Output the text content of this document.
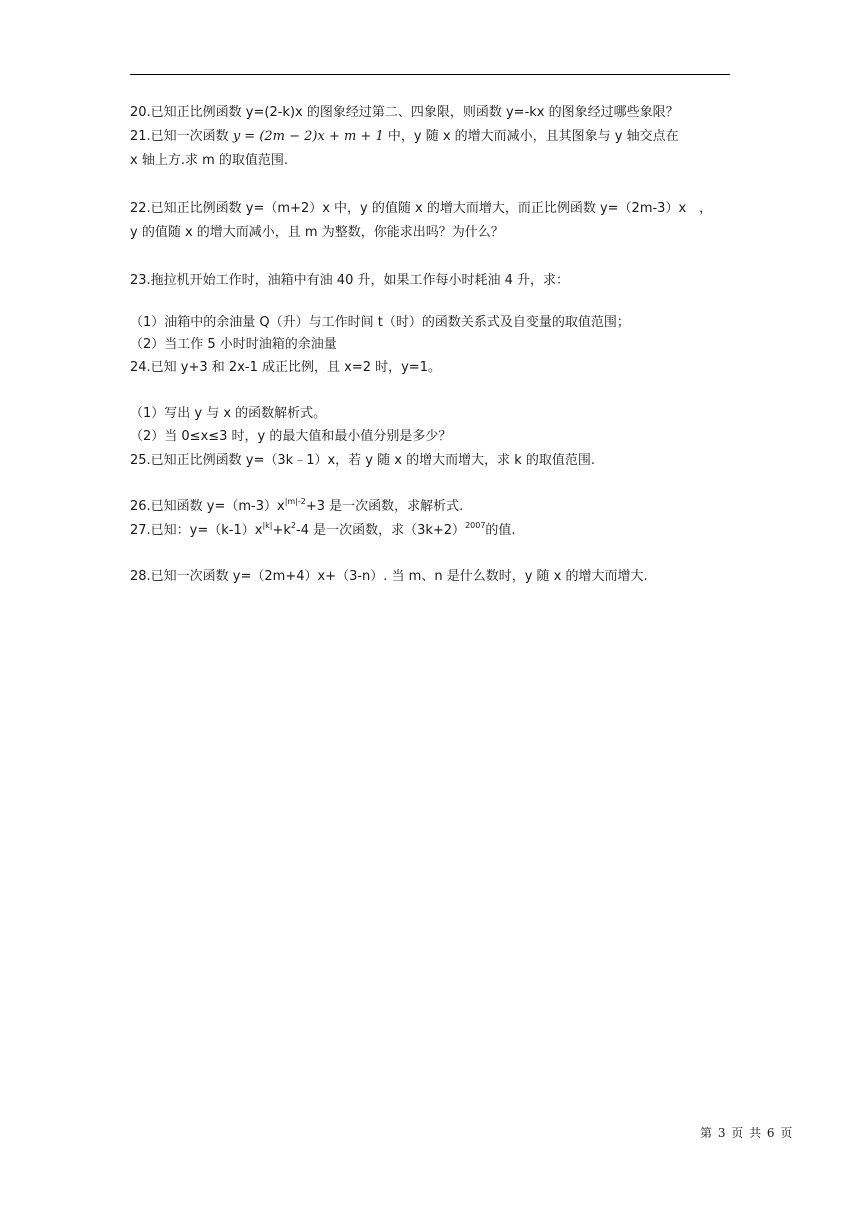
20.已知正比例函数 y=(2-k)x 的图象经过第二、四象限，则函数 y=-kx 的图象经过哪些象限？
21.已知一次函数 y = (2m − 2)x + m + 1 中，y 随 x 的增大而减小，且其图象与 y 轴交点在
x 轴上方.求 m 的取值范围.
22.已知正比例函数 y=（m+2）x 中，y 的值随 x 的增大而增大，而正比例函数 y=（2m-3）x　，
y 的值随 x 的增大而减小，且 m 为整数，你能求出吗？为什么？
23.拖拉机开始工作时，油箱中有油 40 升，如果工作每小时耗油 4 升，求：
（1）油箱中的余油量 Q（升）与工作时间 t（时）的函数关系式及自变量的取值范围；
（2）当工作 5 小时时油箱的余油量
24.已知 y+3 和 2x-1 成正比例，且 x=2 时，y=1。
（1）写出 y 与 x 的函数解析式。
（2）当 0≤x≤3 时，y 的最大值和最小值分别是多少？
25.已知正比例函数 y=（3k﹣1）x，若 y 随 x 的增大而增大，求 k 的取值范围.
26.已知函数 $y=(m-3)x^{|m|-2}+3$ 是一次函数，求解析式.
27.已知：$y=(k-1)x^{|k|}+k^2-4$ 是一次函数，求$(3k+2)^{2007}$的值.
28.已知一次函数 y=（2m+4）x+（3-n）. 当 m、n 是什么数时，y 随 x 的增大而增大.
第 3 页 共 6 页
